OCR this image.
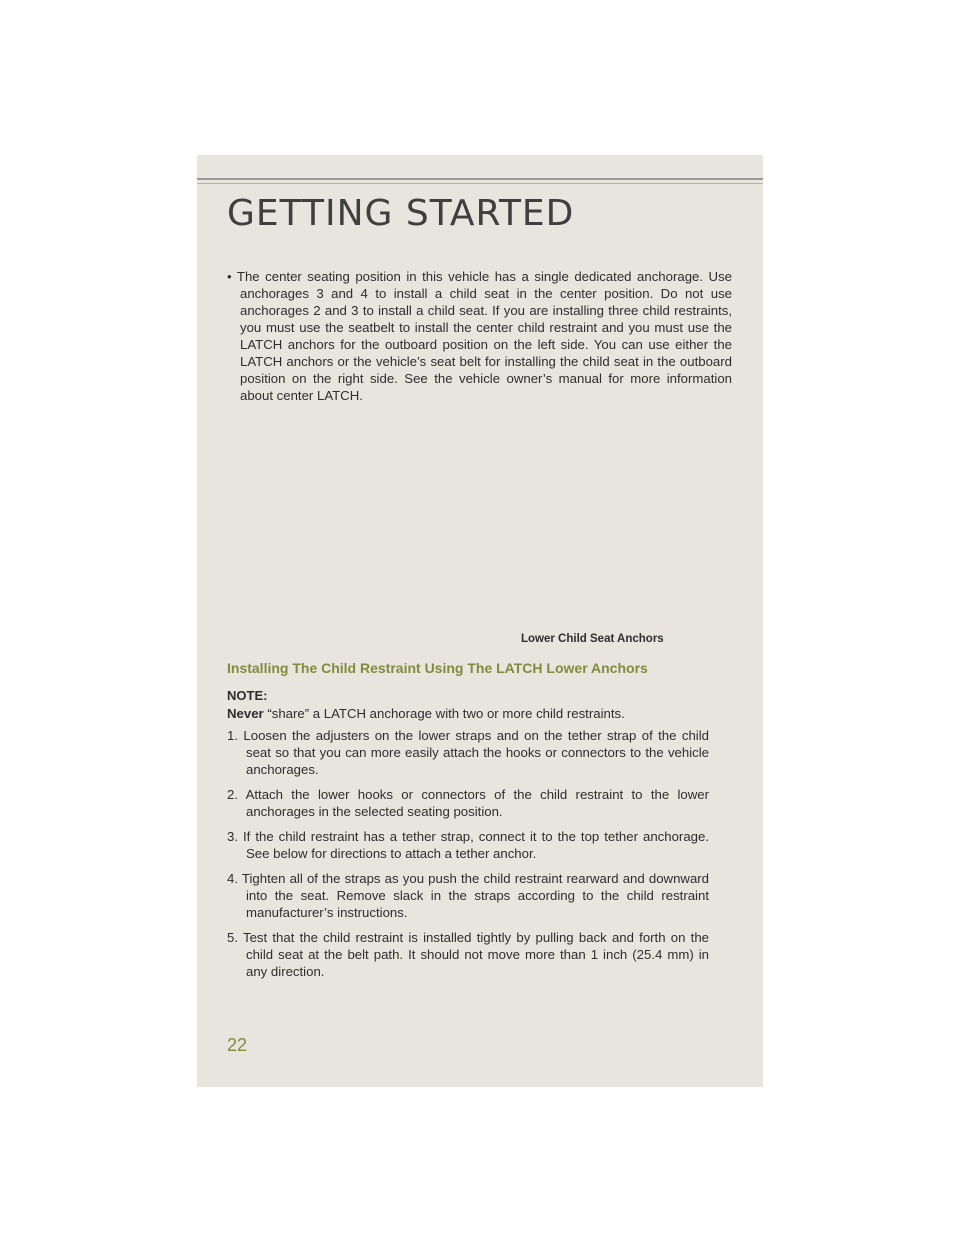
GETTING STARTED
• The center seating position in this vehicle has a single dedicated anchorage. Use anchorages 3 and 4 to install a child seat in the center position. Do not use anchorages 2 and 3 to install a child seat. If you are installing three child restraints, you must use the seatbelt to install the center child restraint and you must use the LATCH anchors for the outboard position on the left side. You can use either the LATCH anchors or the vehicle’s seat belt for installing the child seat in the outboard position on the right side. See the vehicle owner’s manual for more information about center LATCH.
Lower Child Seat Anchors
Installing The Child Restraint Using The LATCH Lower Anchors
NOTE:
Never “share” a LATCH anchorage with two or more child restraints.
1. Loosen the adjusters on the lower straps and on the tether strap of the child seat so that you can more easily attach the hooks or connectors to the vehicle anchorages.
2. Attach the lower hooks or connectors of the child restraint to the lower anchorages in the selected seating position.
3. If the child restraint has a tether strap, connect it to the top tether anchorage. See below for directions to attach a tether anchor.
4. Tighten all of the straps as you push the child restraint rearward and downward into the seat. Remove slack in the straps according to the child restraint manufacturer’s instructions.
5. Test that the child restraint is installed tightly by pulling back and forth on the child seat at the belt path. It should not move more than 1 inch (25.4 mm) in any direction.
22
